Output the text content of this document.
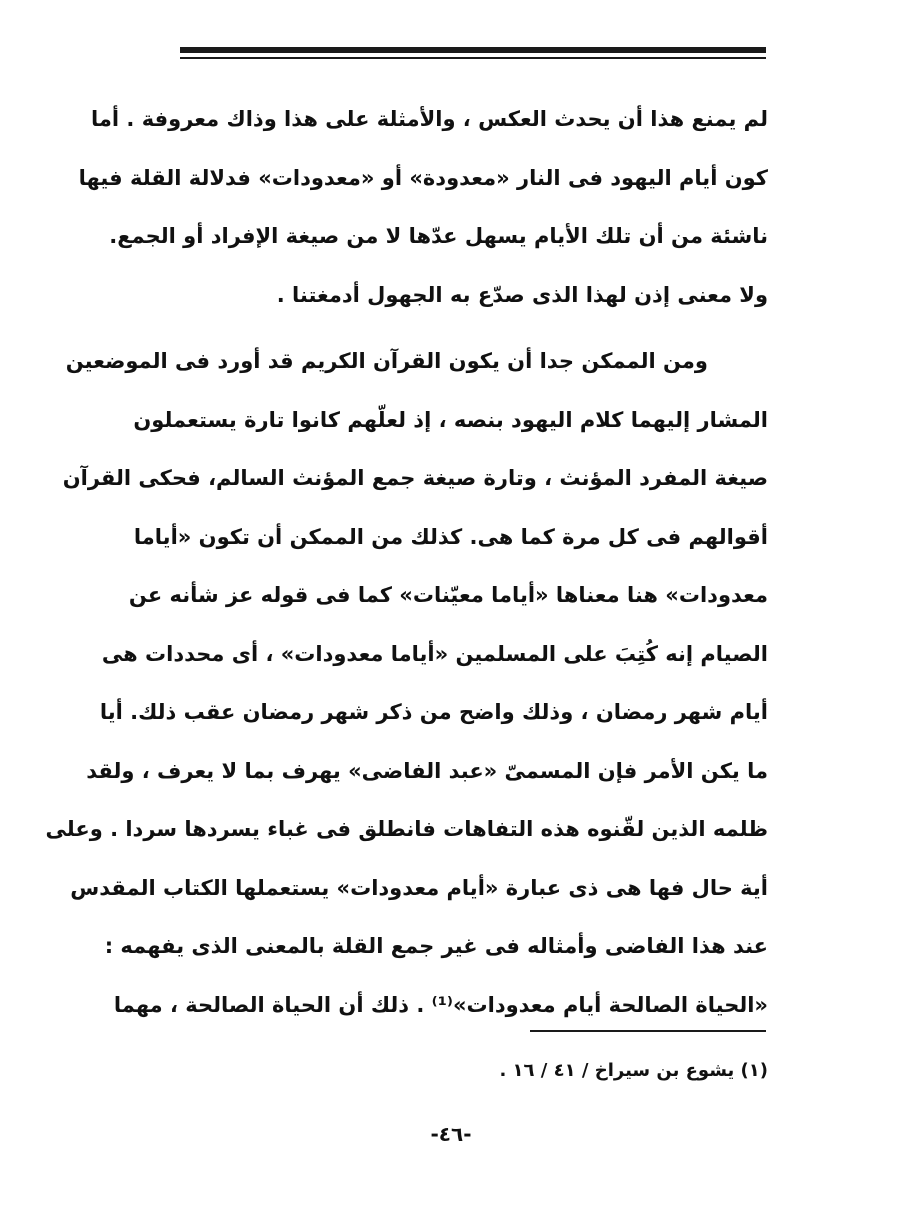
لم يمنع هذا أن يحدث العكس ، والأمثلة على هذا وذاك معروفة . أما
كون أيام اليهود فى النار «معدودة» أو «معدودات» فدلالة القلة فيها
ناشئة من أن تلك الأيام يسهل عدّها لا من صيغة الإفراد أو الجمع.
ولا معنى إذن لهذا الذى صدّع به الجهول أدمغتنا .
ومن الممكن جدا أن يكون القرآن الكريم قد أورد فى الموضعين
المشار إليهما كلام اليهود بنصه ، إذ لعلّهم كانوا تارة يستعملون
صيغة المفرد المؤنث ، وتارة صيغة جمع المؤنث السالم، فحكى القرآن
أقوالهم فى كل مرة كما هى. كذلك من الممكن أن تكون «أياما
معدودات» هنا معناها «أياما معيّنات» كما فى قوله عز شأنه عن
الصيام إنه كُتِبَ على المسلمين «أياما معدودات» ، أى محددات هى
أيام شهر رمضان ، وذلك واضح من ذكر شهر رمضان عقب ذلك. أيا
ما يكن الأمر فإن المسمىّ «عبد الفاضى» يهرف بما لا يعرف ، ولقد
ظلمه الذين لقّنوه هذه التفاهات فانطلق فى غباء يسردها سردا . وعلى
أية حال فها هى ذى عبارة «أيام معدودات» يستعملها الكتاب المقدس
عند هذا الفاضى وأمثاله فى غير جمع القلة بالمعنى الذى يفهمه :
«الحياة الصالحة أيام معدودات»⁽¹⁾ . ذلك أن الحياة الصالحة ، مهما
(١) يشوع بن سيراخ / ٤١ / ١٦ .
-٤٦-
